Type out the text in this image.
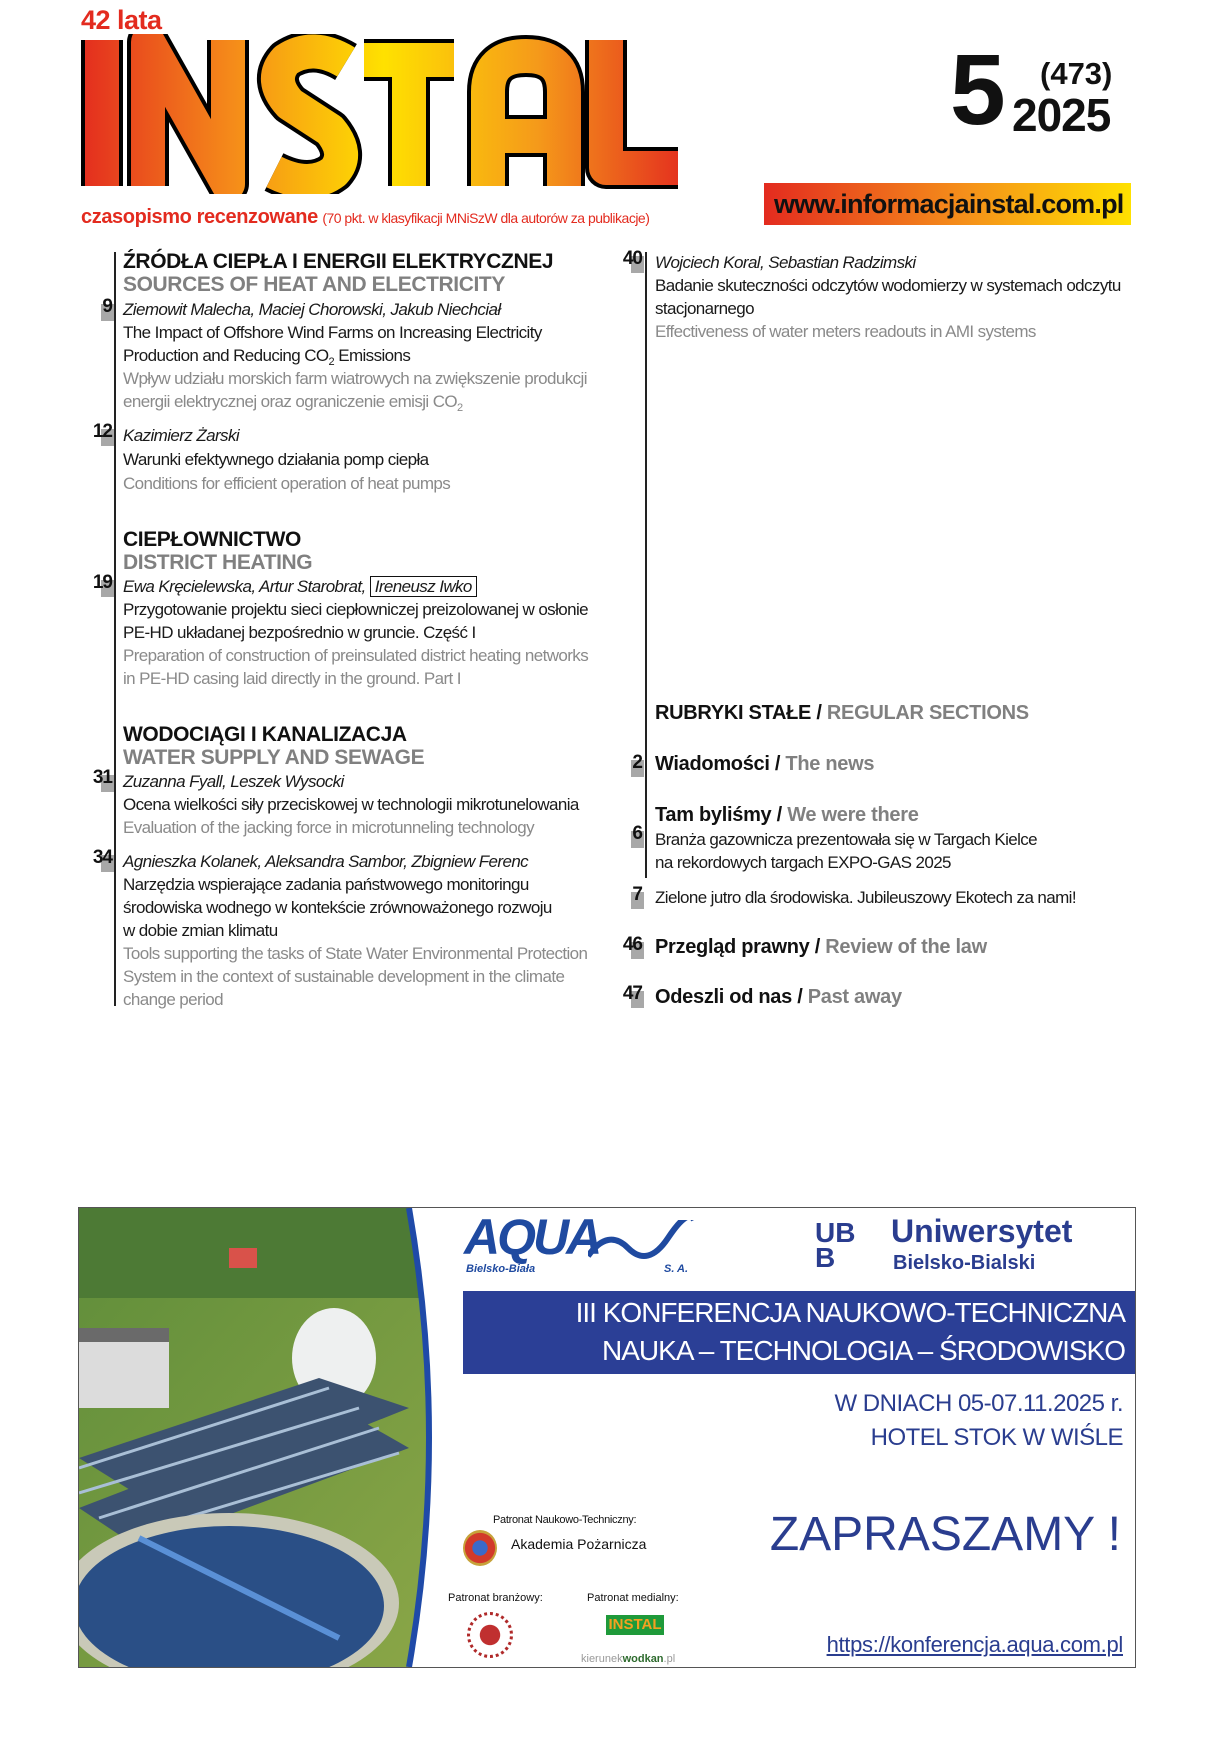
42 lata
5 (473)
2025
www.informacjainstal.com.pl
czasopismo recenzowane (70 pkt. w klasyfikacji MNiSzW dla autorów za publikacje)
ŹRÓDŁA CIEPŁA I ENERGII ELEKTRYCZNEJ
SOURCES OF HEAT AND ELECTRICITY
9 Ziemowit Malecha, Maciej Chorowski, Jakub Niechciał
The Impact of Offshore Wind Farms on Increasing Electricity
Production and Reducing $CO_2$ Emissions
Wpływ udziału morskich farm wiatrowych na zwiększenie produkcji
energii elektrycznej oraz ograniczenie emisji $CO_2$
12 Kazimierz Żarski
Warunki efektywnego działania pomp ciepła
Conditions for efficient operation of heat pumps
CIEPŁOWNICTWO
DISTRICT HEATING
19 Ewa Kręcielewska, Artur Starobrat, Ireneusz Iwko
Przygotowanie projektu sieci ciepłowniczej preizolowanej w osłonie
PE-HD układanej bezpośrednio w gruncie. Część I
Preparation of construction of preinsulated district heating networks
in PE-HD casing laid directly in the ground. Part I
WODOCIĄGI I KANALIZACJA
WATER SUPPLY AND SEWAGE
31 Zuzanna Fyall, Leszek Wysocki
Ocena wielkości siły przeciskowej w technologii mikrotunelowania
Evaluation of the jacking force in microtunneling technology
34 Agnieszka Kolanek, Aleksandra Sambor, Zbigniew Ferenc
Narzędzia wspierające zadania państwowego monitoringu
środowiska wodnego w kontekście zrównoważonego rozwoju
w dobie zmian klimatu
Tools supporting the tasks of State Water Environmental Protection
System in the context of sustainable development in the climate
change period
40 Wojciech Koral, Sebastian Radzimski
Badanie skuteczności odczytów wodomierzy w systemach odczytu
stacjonarnego
Effectiveness of water meters readouts in AMI systems
RUBRYKI STAŁE / REGULAR SECTIONS
2 Wiadomości / The news
Tam byliśmy / We were there
6 Branża gazownicza prezentowała się w Targach Kielce
na rekordowych targach EXPO-GAS 2025
7 Zielone jutro dla środowiska. Jubileuszowy Ekotech za nami!
46 Przegląd prawny / Review of the law
47 Odeszli od nas / Past away
AQUA
Bielsko-Biała	S. A.
UBB
Uniwersytet
Bielsko-Bialski
III KONFERENCJA NAUKOWO-TECHNICZNA
NAUKA – TECHNOLOGIA – ŚRODOWISKO
W DNIACH 05-07.11.2025 r.
HOTEL STOK W WIŚLE
Patronat Naukowo-Techniczny:
Akademia Pożarnicza
Patronat branżowy:	Patronat medialny:
INSTAL
kierunekwodkan.pl
ZAPRASZAMY !
https://konferencja.aqua.com.pl
